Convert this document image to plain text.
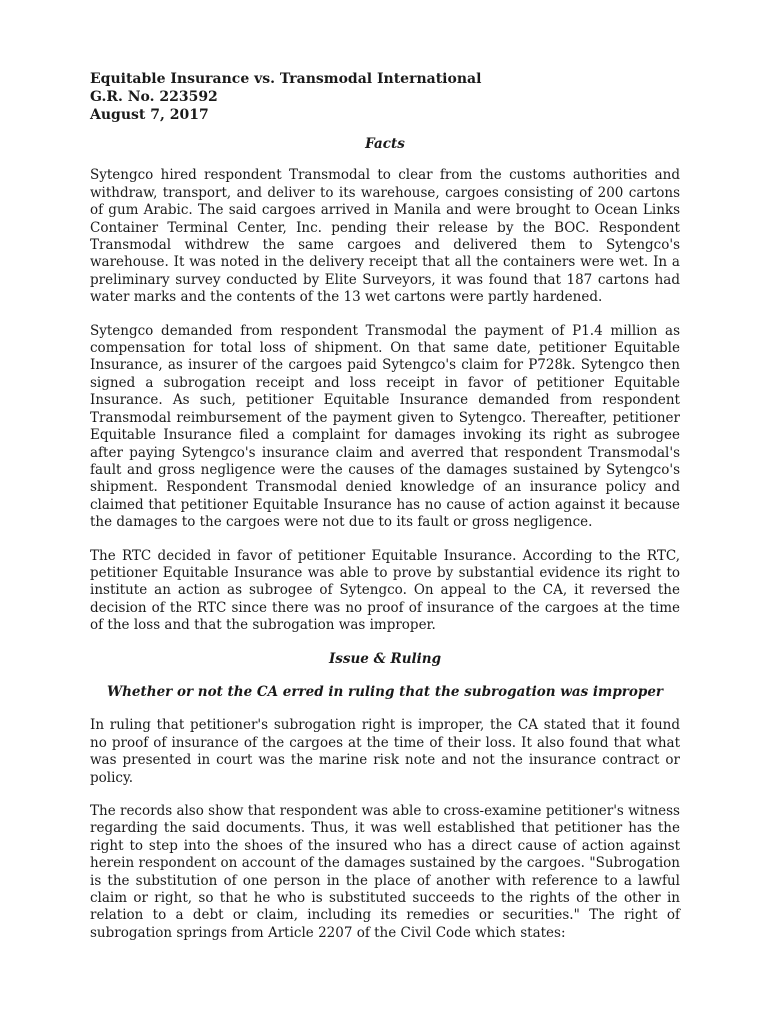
Equitable Insurance vs. Transmodal International
G.R. No. 223592
August 7, 2017
Facts

Sytengco hired respondent Transmodal to clear from the customs authorities and withdraw, transport, and deliver to its warehouse, cargoes consisting of 200 cartons of gum Arabic. The said cargoes arrived in Manila and were brought to Ocean Links Container Terminal Center, Inc. pending their release by the BOC. Respondent Transmodal withdrew the same cargoes and delivered them to Sytengco's warehouse. It was noted in the delivery receipt that all the containers were wet. In a preliminary survey conducted by Elite Surveyors, it was found that 187 cartons had water marks and the contents of the 13 wet cartons were partly hardened.

Sytengco demanded from respondent Transmodal the payment of P1.4 million as compensation for total loss of shipment. On that same date, petitioner Equitable Insurance, as insurer of the cargoes paid Sytengco's claim for P728k. Sytengco then signed a subrogation receipt and loss receipt in favor of petitioner Equitable Insurance. As such, petitioner Equitable Insurance demanded from respondent Transmodal reimbursement of the payment given to Sytengco. Thereafter, petitioner Equitable Insurance filed a complaint for damages invoking its right as subrogee after paying Sytengco's insurance claim and averred that respondent Transmodal's fault and gross negligence were the causes of the damages sustained by Sytengco's shipment. Respondent Transmodal denied knowledge of an insurance policy and claimed that petitioner Equitable Insurance has no cause of action against it because the damages to the cargoes were not due to its fault or gross negligence.

The RTC decided in favor of petitioner Equitable Insurance. According to the RTC, petitioner Equitable Insurance was able to prove by substantial evidence its right to institute an action as subrogee of Sytengco. On appeal to the CA, it reversed the decision of the RTC since there was no proof of insurance of the cargoes at the time of the loss and that the subrogation was improper.

Issue & Ruling
Whether or not the CA erred in ruling that the subrogation was improper

In ruling that petitioner's subrogation right is improper, the CA stated that it found no proof of insurance of the cargoes at the time of their loss. It also found that what was presented in court was the marine risk note and not the insurance contract or policy.

The records also show that respondent was able to cross-examine petitioner's witness regarding the said documents. Thus, it was well established that petitioner has the right to step into the shoes of the insured who has a direct cause of action against herein respondent on account of the damages sustained by the cargoes. "Subrogation is the substitution of one person in the place of another with reference to a lawful claim or right, so that he who is substituted succeeds to the rights of the other in relation to a debt or claim, including its remedies or securities." The right of subrogation springs from Article 2207 of the Civil Code which states:
